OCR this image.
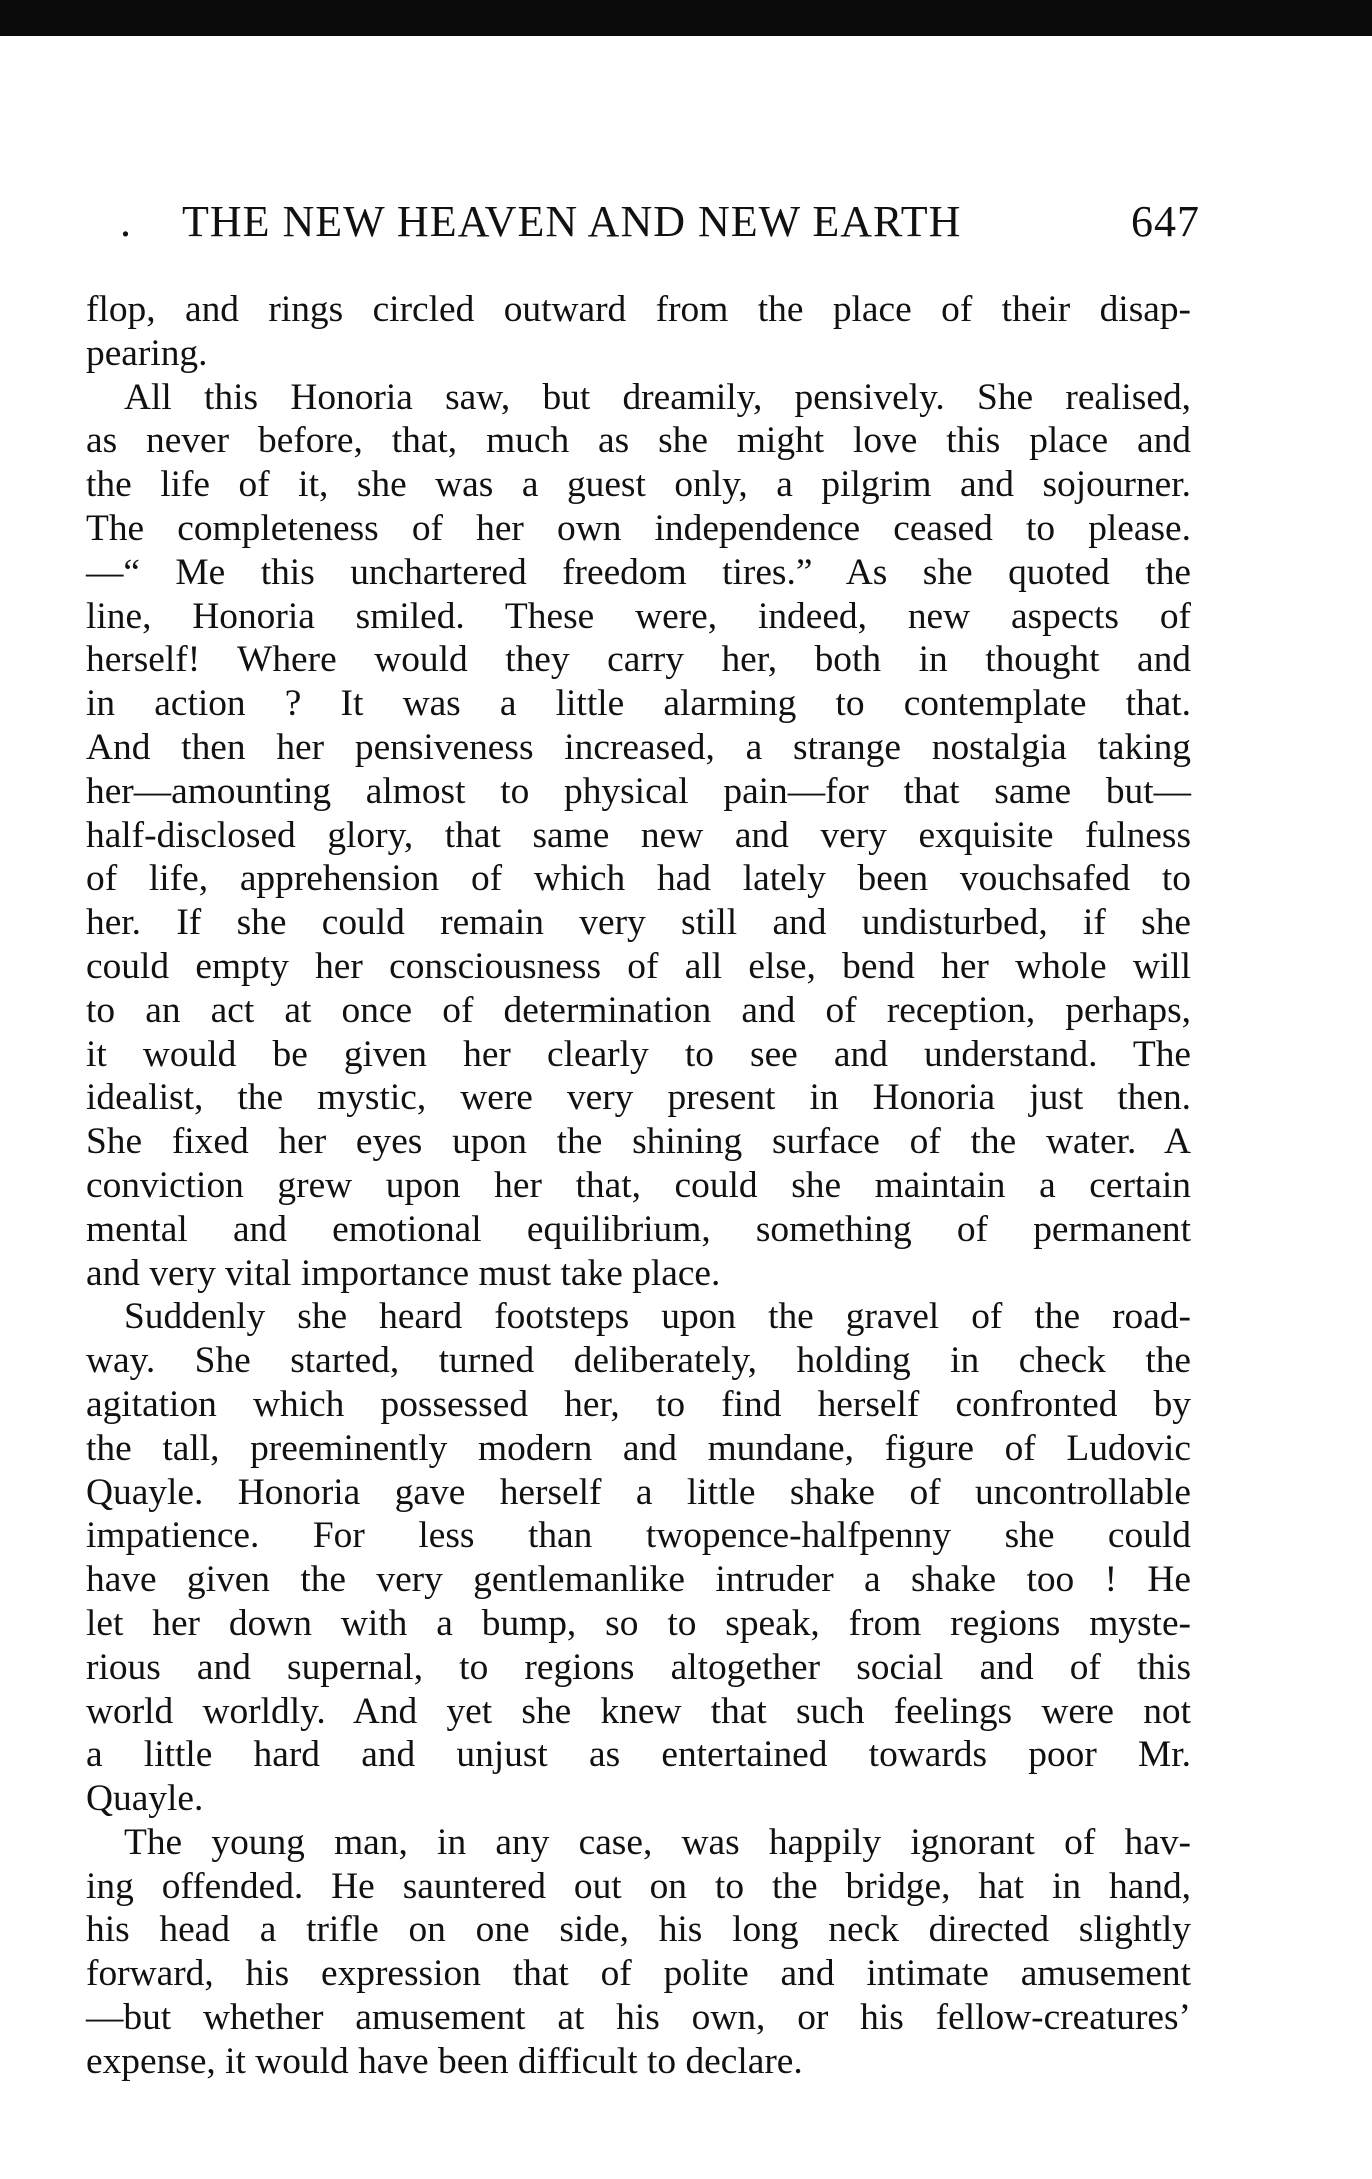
. THE NEW HEAVEN AND NEW EARTH	647
flop, and rings circled outward from the place of their disap-
pearing.
All this Honoria saw, but dreamily, pensively. She realised,
as never before, that, much as she might love this place and
the life of it, she was a guest only, a pilgrim and sojourner.
The completeness of her own independence ceased to please.
—“ Me this unchartered freedom tires.” As she quoted the
line, Honoria smiled. These were, indeed, new aspects of
herself! Where would they carry her, both in thought and
in action ? It was a little alarming to contemplate that.
And then her pensiveness increased, a strange nostalgia taking
her—amounting almost to physical pain—for that same but—
half-disclosed glory, that same new and very exquisite fulness
of life, apprehension of which had lately been vouchsafed to
her. If she could remain very still and undisturbed, if she
could empty her consciousness of all else, bend her whole will
to an act at once of determination and of reception, perhaps,
it would be given her clearly to see and understand. The
idealist, the mystic, were very present in Honoria just then.
She fixed her eyes upon the shining surface of the water. A
conviction grew upon her that, could she maintain a certain
mental and emotional equilibrium, something of permanent
and very vital importance must take place.
Suddenly she heard footsteps upon the gravel of the road-
way. She started, turned deliberately, holding in check the
agitation which possessed her, to find herself confronted by
the tall, preeminently modern and mundane, figure of Ludovic
Quayle. Honoria gave herself a little shake of uncontrollable
impatience. For less than twopence-halfpenny she could
have given the very gentlemanlike intruder a shake too ! He
let her down with a bump, so to speak, from regions myste-
rious and supernal, to regions altogether social and of this
world worldly. And yet she knew that such feelings were not
a little hard and unjust as entertained towards poor Mr.
Quayle.
The young man, in any case, was happily ignorant of hav-
ing offended. He sauntered out on to the bridge, hat in hand,
his head a trifle on one side, his long neck directed slightly
forward, his expression that of polite and intimate amusement
—but whether amusement at his own, or his fellow-creatures’
expense, it would have been difficult to declare.
